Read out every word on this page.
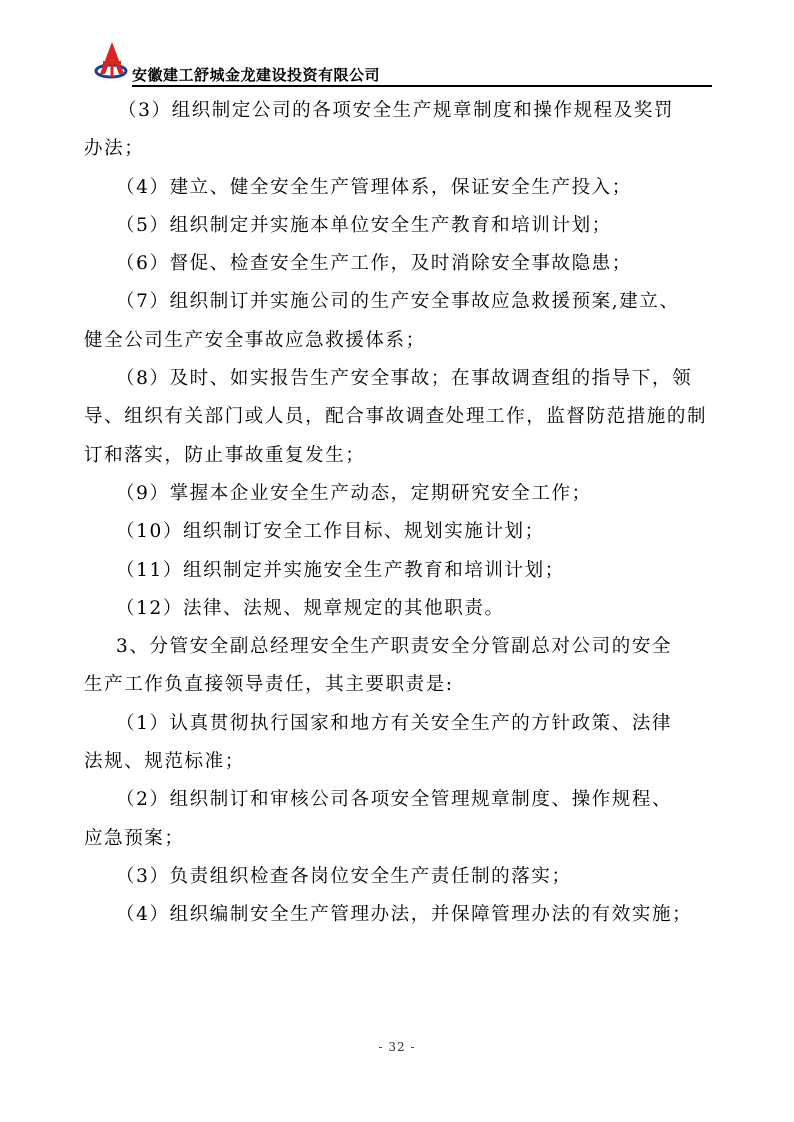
安徽建工舒城金龙建设投资有限公司

（3）组织制定公司的各项安全生产规章制度和操作规程及奖罚

办法；

（4）建立、健全安全生产管理体系，保证安全生产投入；

（5）组织制定并实施本单位安全生产教育和培训计划；

（6）督促、检查安全生产工作，及时消除安全事故隐患；

（7）组织制订并实施公司的生产安全事故应急救援预案,建立、

健全公司生产安全事故应急救援体系；

（8）及时、如实报告生产安全事故；在事故调查组的指导下，领

导、组织有关部门或人员，配合事故调查处理工作，监督防范措施的制

订和落实，防止事故重复发生；

（9）掌握本企业安全生产动态，定期研究安全工作；

（10）组织制订安全工作目标、规划实施计划；

（11）组织制定并实施安全生产教育和培训计划；

（12）法律、法规、规章规定的其他职责。

3、分管安全副总经理安全生产职责安全分管副总对公司的安全

生产工作负直接领导责任，其主要职责是:

（1）认真贯彻执行国家和地方有关安全生产的方针政策、法律

法规、规范标准；

（2）组织制订和审核公司各项安全管理规章制度、操作规程、

应急预案；

（3）负责组织检查各岗位安全生产责任制的落实；

（4）组织编制安全生产管理办法，并保障管理办法的有效实施；

- 32 -
